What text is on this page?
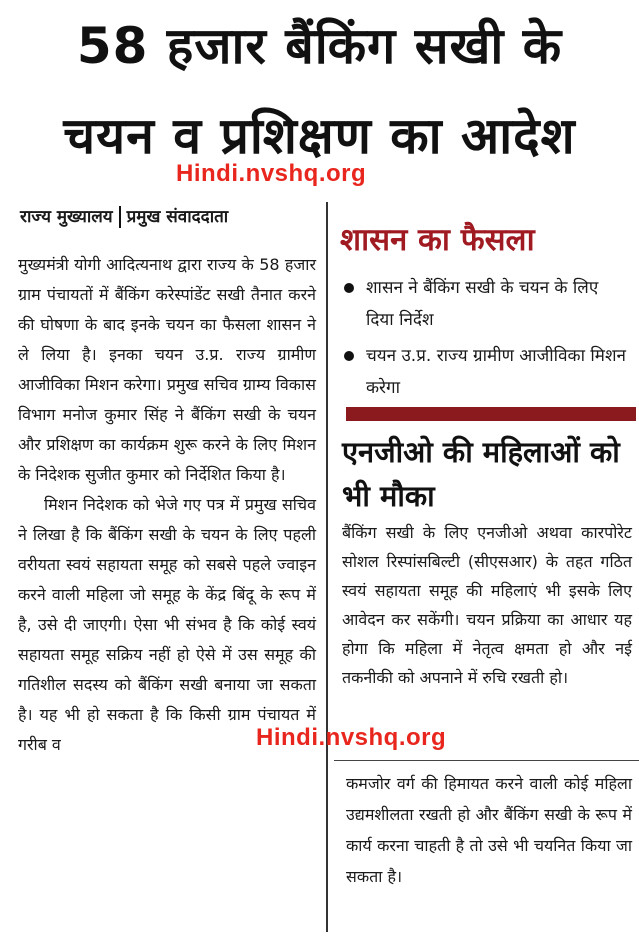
58 हजार बैंकिंग सखी के
चयन व प्रशिक्षण का आदेश
Hindi.nvshq.org
राज्य मुख्यालय प्रमुख संवाददाता

मुख्यमंत्री योगी आदित्यनाथ द्वारा राज्य के 58 हजार ग्राम पंचायतों में बैंकिंग करेस्पांडेंट सखी तैनात करने की घोषणा के बाद इनके चयन का फैसला शासन ने ले लिया है। इनका चयन उ.प्र. राज्य ग्रामीण आजीविका मिशन करेगा। प्रमुख सचिव ग्राम्य विकास विभाग मनोज कुमार सिंह ने बैंकिंग सखी के चयन और प्रशिक्षण का कार्यक्रम शुरू करने के लिए मिशन के निदेशक सुजीत कुमार को निर्देशित किया है।

मिशन निदेशक को भेजे गए पत्र में प्रमुख सचिव ने लिखा है कि बैंकिंग सखी के चयन के लिए पहली वरीयता स्वयं सहायता समूह को सबसे पहले ज्वाइन करने वाली महिला जो समूह के केंद्र बिंदू के रूप में है, उसे दी जाएगी। ऐसा भी संभव है कि कोई स्वयं सहायता समूह सक्रिय नहीं हो ऐसे में उस समूह की गतिशील सदस्य को बैंकिंग सखी बनाया जा सकता है। यह भी हो सकता है कि किसी ग्राम पंचायत में गरीब व

शासन का फैसला
शासन ने बैंकिंग सखी के चयन के लिए दिया निर्देश
चयन उ.प्र. राज्य ग्रामीण आजीविका मिशन करेगा
एनजीओ की महिलाओं को भी मौका
बैंकिंग सखी के लिए एनजीओ अथवा कारपोरेट सोशल रिस्पांसबिल्टी (सीएसआर) के तहत गठित स्वयं सहायता समूह की महिलाएं भी इसके लिए आवेदन कर सकेंगी। चयन प्रक्रिया का आधार यह होगा कि महिला में नेतृत्व क्षमता हो और नई तकनीकी को अपनाने में रुचि रखती हो।
Hindi.nvshq.org
कमजोर वर्ग की हिमायत करने वाली कोई महिला उद्यमशीलता रखती हो और बैंकिंग सखी के रूप में कार्य करना चाहती है तो उसे भी चयनित किया जा सकता है।
